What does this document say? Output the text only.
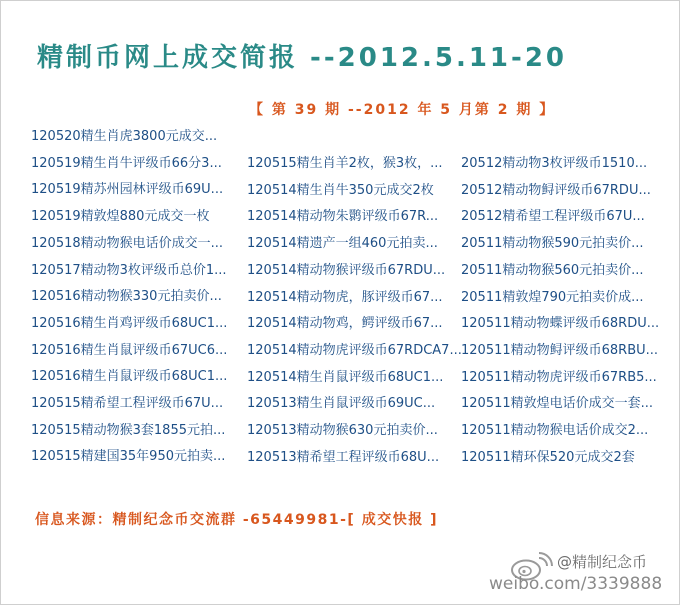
精制币网上成交简报 --2012.5.11-20
【 第 39 期 --2012 年 5 月第 2 期 】
120520精生肖虎3800元成交...
120519精生肖牛评级币66分3...
120519精苏州园林评级币69U...
120519精敦煌880元成交一枚
120518精动物猴电话价成交一...
120517精动物3枚评级币总价1...
120516精动物猴330元拍卖价...
120516精生肖鸡评级币68UC1...
120516精生肖鼠评级币67UC6...
120516精生肖鼠评级币68UC1...
120515精希望工程评级币67U...
120515精动物猴3套1855元拍...
120515精建国35年950元拍卖...
120515精生肖羊2枚，猴3枚，...
120514精生肖牛350元成交2枚
120514精动物朱鹮评级币67R...
120514精遗产一组460元拍卖...
120514精动物猴评级币67RDU...
120514精动物虎，豚评级币67...
120514精动物鸡，鳄评级币67...
120514精动物虎评级币67RDCA7...
120514精生肖鼠评级币68UC1...
120513精生肖鼠评级币69UC...
120513精动物猴630元拍卖价...
120513精希望工程评级币68U...
20512精动物3枚评级币1510...
20512精动物鲟评级币67RDU...
20512精希望工程评级币67U...
20511精动物猴590元拍卖价...
20511精动物猴560元拍卖价...
20511精敦煌790元拍卖价成...
120511精动物蝶评级币68RDU...
120511精动物鲟评级币68RBU...
120511精动物虎评级币67RB5...
120511精敦煌电话价成交一套...
120511精动物猴电话价成交2...
120511精环保520元成交2套
信息来源：精制纪念币交流群 -65449981-[ 成交快报 ]
@精制纪念币
weibo.com/3339888
